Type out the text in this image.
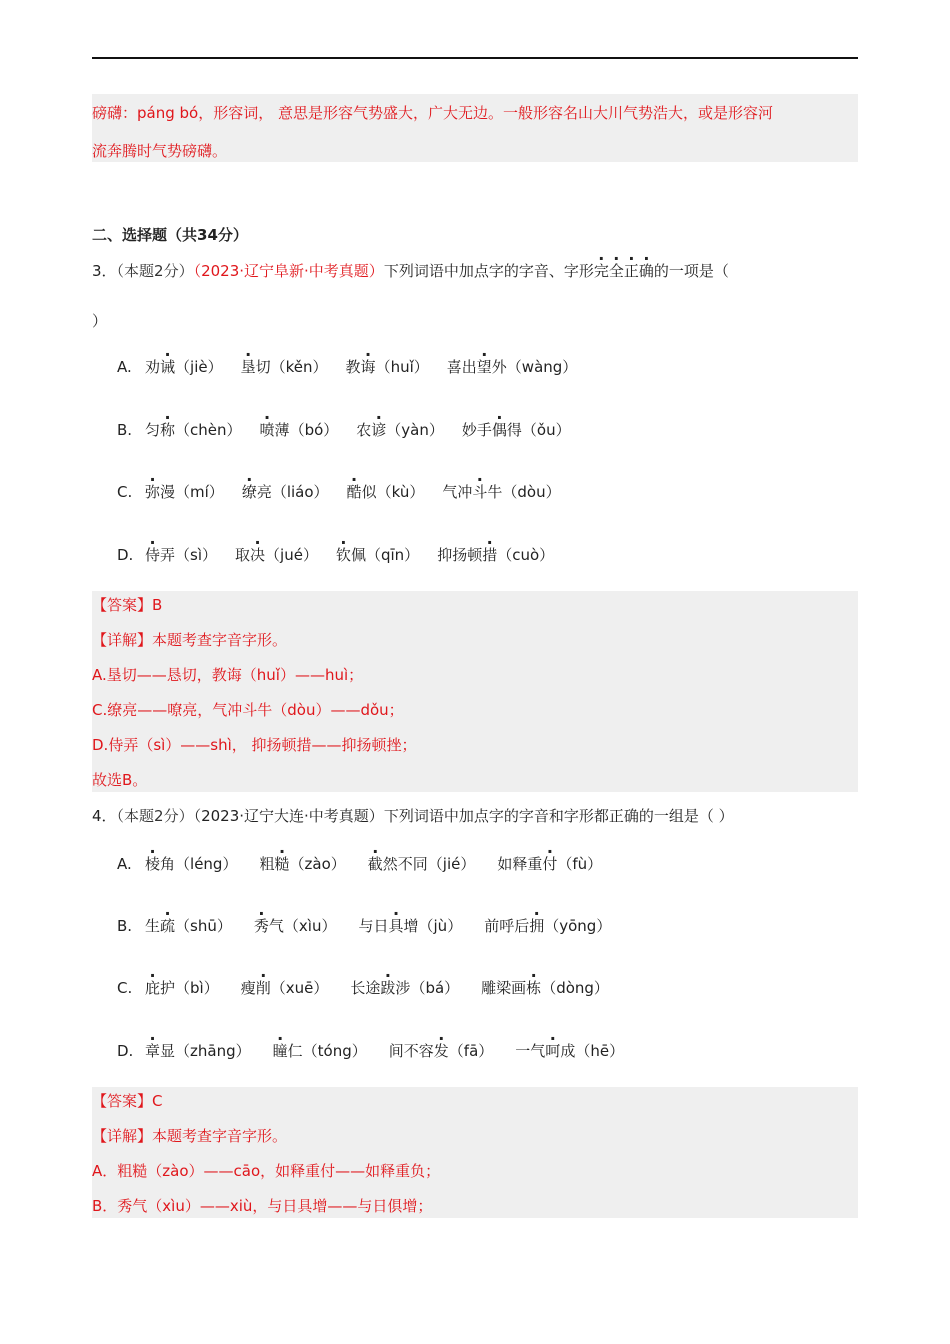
磅礴：páng bó，形容词， 意思是形容气势盛大，广大无边。一般形容名山大川气势浩大，或是形容河
流奔腾时气势磅礴。
二、选择题（共34分）
3．（本题2分）（2023·辽宁阜新·中考真题）下列词语中加点字的字音、字形完全正确的一项是（
）
A. 劝诫（jiè） 垦切（kěn） 教诲（huǐ） 喜出望外（wàng）
B. 匀称（chèn） 喷薄（bó） 农谚（yàn） 妙手偶得（ǒu）
C. 弥漫（mí） 缭亮（liáo） 酷似（kù） 气冲斗牛（dòu）
D. 侍弄（sì） 取决（jué） 钦佩（qīn） 抑扬顿措（cuò）
【答案】B
【详解】本题考查字音字形。
A.垦切——恳切，教诲（huǐ）——huì；
C.缭亮——嘹亮，气冲斗牛（dòu）——dǒu；
D.侍弄（sì）——shì， 抑扬顿措——抑扬顿挫；
故选B。
4．（本题2分）（2023·辽宁大连·中考真题）下列词语中加点字的字音和字形都正确的一组是（ ）
A. 棱角（léng） 粗糙（zào） 截然不同（jié） 如释重付（fù）
B. 生疏（shū） 秀气（xìu） 与日具增（jù） 前呼后拥（yōng）
C. 庇护（bì） 瘦削（xuē） 长途跋涉（bá） 雕梁画栋（dòng）
D. 章显（zhāng） 瞳仁（tóng） 间不容发（fā） 一气呵成（hē）
【答案】C
【详解】本题考查字音字形。
A．粗糙（zào）——cāo，如释重付——如释重负；
B．秀气（xìu）——xiù，与日具增——与日俱增；
